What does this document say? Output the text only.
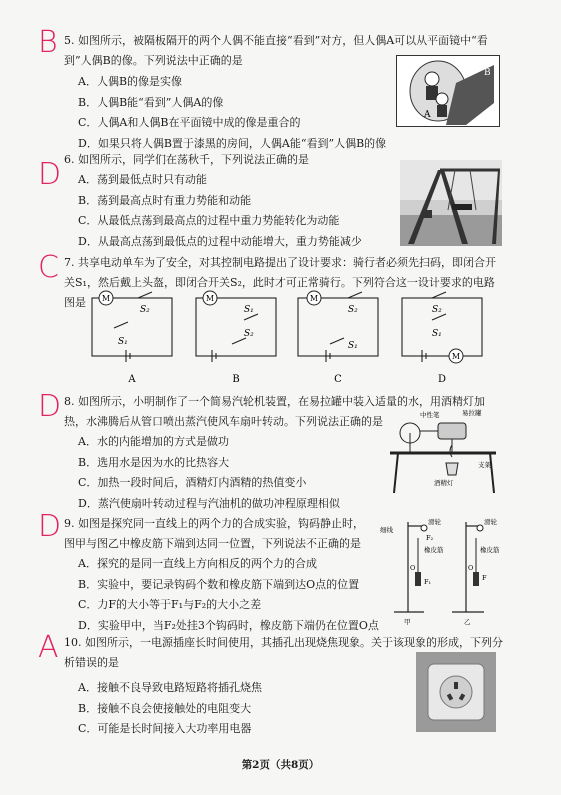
B 5. 如图所示，被隔板隔开的两个人偶不能直接“看到”对方，但人偶A可以从平面镜中“看到”人偶B的像。下列说法中正确的是
A．人偶B的像是实像
B．人偶B能“看到”人偶A的像
C．人偶A和人偶B在平面镜中成的像是重合的
D．如果只将人偶B置于漆黑的房间，人偶A能“看到”人偶B的像
A
B
D 6. 如图所示，同学们在荡秋千，下列说法正确的是
A．荡到最低点时只有动能
B．荡到最高点时有重力势能和动能
C．从最低点荡到最高点的过程中重力势能转化为动能
D．从最高点荡到最低点的过程中动能增大，重力势能减少
C 7. 共享电动单车为了安全，对其控制电路提出了设计要求：骑行者必须先扫码，即闭合开关S₁，然后戴上头盔，即闭合开关S₂，此时才可正常骑行。下列符合这一设计要求的电路图是	M	M	M
M
S₂
S₁
S₁
S₂
S₂
S₁
S₂
S₁
A	B	C	D
D 8. 如图所示，小明制作了一个简易汽轮机装置，在易拉罐中装入适量的水，用酒精灯加热，水沸腾后从管口喷出蒸汽使风车扇叶转动。下列说法正确的是
A．水的内能增加的方式是做功
B．选用水是因为水的比热容大
C．加热一段时间后，酒精灯内酒精的热值变小
D．蒸汽使扇叶转动过程与汽油机的做功冲程原理相似
中性笔	易拉罐
支架
酒精灯
D 9. 如图是探究同一直线上的两个力的合成实验，钩码静止时，图甲与图乙中橡皮筋下端到达同一位置，下列说法不正确的是
A．探究的是同一直线上方向相反的两个力的合成
B．实验中，要记录钩码个数和橡皮筋下端到达O点的位置
C．力F的大小等于F₁与F₂的大小之差
D．实验甲中，当F₂处挂3个钩码时，橡皮筋下端仍在位置O点
细线
滑轮	滑轮
F₂
橡皮筋	橡皮筋
O	O
F₁	F
甲	乙
A 10. 如图所示，一电源插座长时间使用，其插孔出现烧焦现象。关于该现象的形成，下列分析错误的是
A．接触不良导致电路短路将插孔烧焦
B．接触不良会使接触处的电阻变大
C．可能是长时间接入大功率用电器
第2页（共8页）
